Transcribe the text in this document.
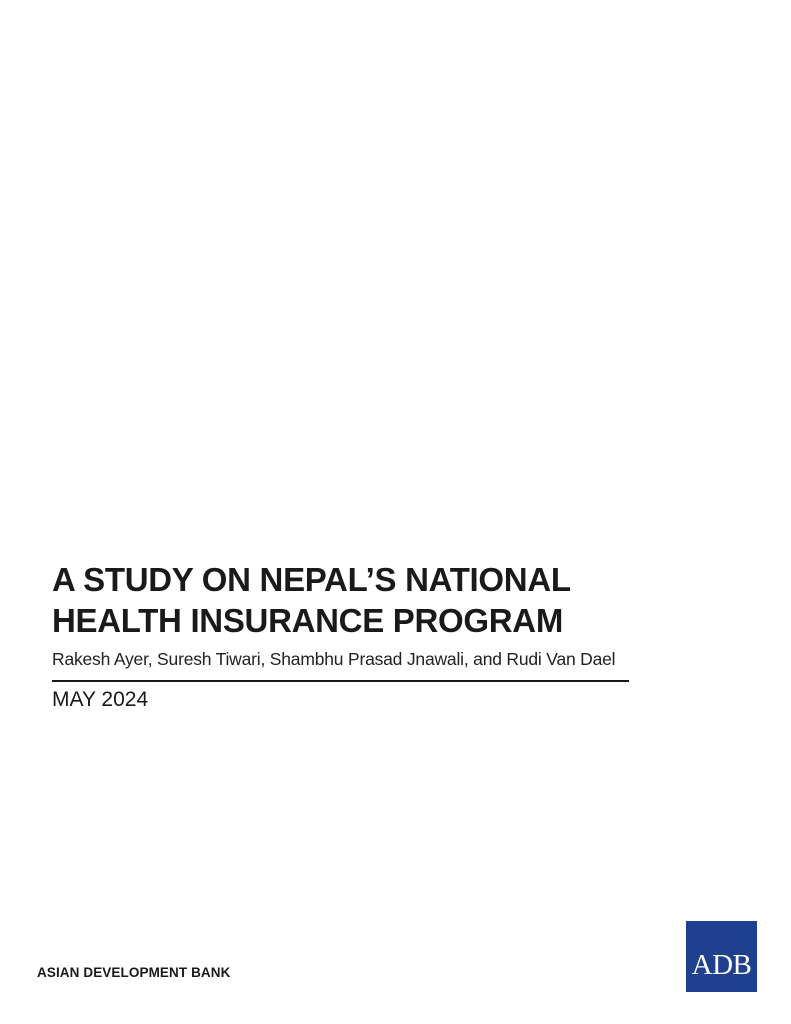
A STUDY ON NEPAL’S NATIONAL
HEALTH INSURANCE PROGRAM
Rakesh Ayer, Suresh Tiwari, Shambhu Prasad Jnawali, and Rudi Van Dael
MAY 2024
ASIAN DEVELOPMENT BANK	ADB
